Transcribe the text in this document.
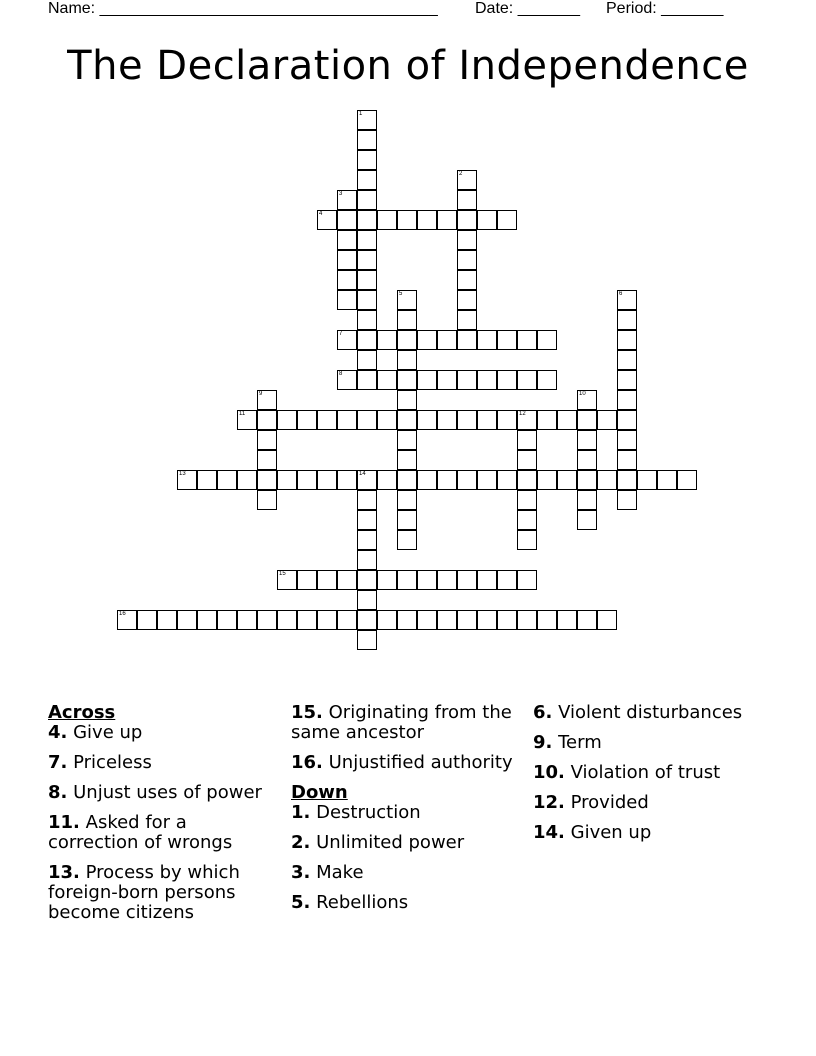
Name: ______________________________________ Date: _______ Period: _______
The Declaration of Independence
1
2
3
4
5	6
7
8
9	10
11	12
13	14
15
16
Across
4. Give up
7. Priceless
8. Unjust uses of power
11. Asked for a correction of wrongs
13. Process by which foreign-born persons become citizens
15. Originating from the same ancestor
16. Unjustified authority
Down
1. Destruction
2. Unlimited power
3. Make
5. Rebellions
6. Violent disturbances
9. Term
10. Violation of trust
12. Provided
14. Given up
